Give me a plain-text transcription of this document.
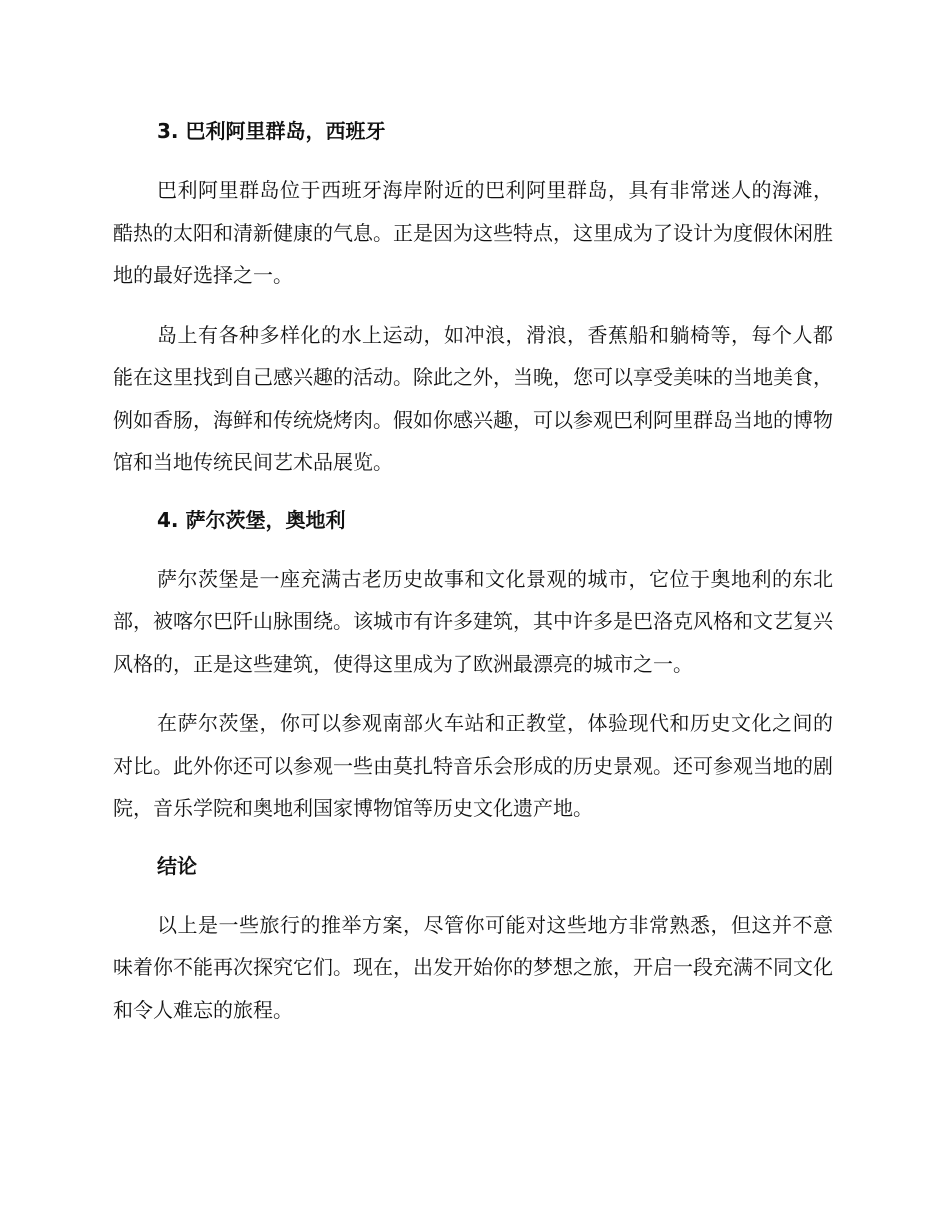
3. 巴利阿里群岛，西班牙

巴利阿里群岛位于西班牙海岸附近的巴利阿里群岛，具有非常迷人的海滩，酷热的太阳和清新健康的气息。正是因为这些特点，这里成为了设计为度假休闲胜地的最好选择之一。

岛上有各种多样化的水上运动，如冲浪，滑浪，香蕉船和躺椅等，每个人都能在这里找到自己感兴趣的活动。除此之外，当晚，您可以享受美味的当地美食，例如香肠，海鲜和传统烧烤肉。假如你感兴趣，可以参观巴利阿里群岛当地的博物馆和当地传统民间艺术品展览。

4. 萨尔茨堡，奥地利

萨尔茨堡是一座充满古老历史故事和文化景观的城市，它位于奥地利的东北部，被喀尔巴阡山脉围绕。该城市有许多建筑，其中许多是巴洛克风格和文艺复兴风格的，正是这些建筑，使得这里成为了欧洲最漂亮的城市之一。

在萨尔茨堡，你可以参观南部火车站和正教堂，体验现代和历史文化之间的对比。此外你还可以参观一些由莫扎特音乐会形成的历史景观。还可参观当地的剧院，音乐学院和奥地利国家博物馆等历史文化遗产地。

结论

以上是一些旅行的推举方案，尽管你可能对这些地方非常熟悉，但这并不意味着你不能再次探究它们。现在，出发开始你的梦想之旅，开启一段充满不同文化和令人难忘的旅程。
